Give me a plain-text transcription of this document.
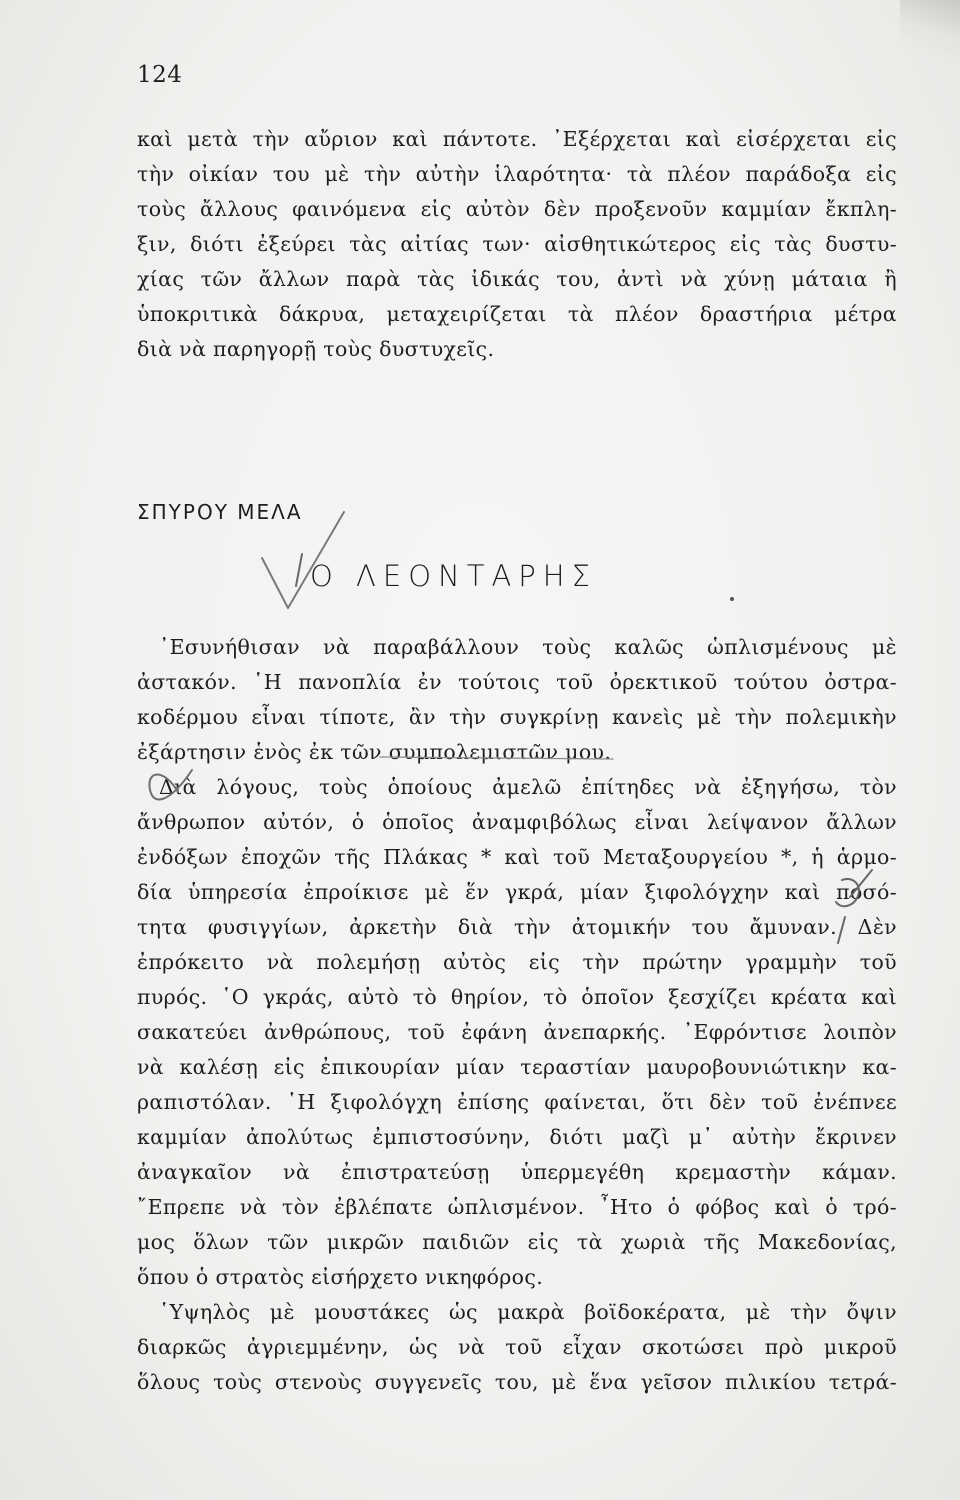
124
καὶ μετὰ τὴν αὔριον καὶ πάντοτε. ᾿Εξέρχεται καὶ εἰσέρχεται εἰς
τὴν οἰκίαν του μὲ τὴν αὐτὴν ἱλαρότητα· τὰ πλέον παράδοξα εἰς
τοὺς ἄλλους φαινόμενα εἰς αὐτὸν δὲν προξενοῦν καμμίαν ἔκπλη-
ξιν, διότι ἐξεύρει τὰς αἰτίας των· αἰσθητικώτερος εἰς τὰς δυστυ-
χίας τῶν ἄλλων παρὰ τὰς ἰδικάς του, ἀντὶ νὰ χύνῃ μάταια ἢ
ὑποκριτικὰ δάκρυα, μεταχειρίζεται τὰ πλέον δραστήρια μέτρα
διὰ νὰ παρηγορῇ τοὺς δυστυχεῖς.
ΣΠΥΡΟΥ ΜΕΛΑ
Ο ΛΕΟΝΤΑΡΗΣ
᾿Εσυνήθισαν νὰ παραβάλλουν τοὺς καλῶς ὡπλισμένους μὲ
ἀστακόν. ῾Η πανοπλία ἐν τούτοις τοῦ ὀρεκτικοῦ τούτου ὀστρα-
κοδέρμου εἶναι τίποτε, ἂν τὴν συγκρίνῃ κανεὶς μὲ τὴν πολεμικὴν
ἐξάρτησιν ἑνὸς ἐκ τῶν συμπολεμιστῶν μου.
Διὰ λόγους, τοὺς ὁποίους ἀμελῶ ἐπίτηδες νὰ ἐξηγήσω, τὸν
ἄνθρωπον αὐτόν, ὁ ὁποῖος ἀναμφιβόλως εἶναι λείψανον ἄλλων
ἐνδόξων ἐποχῶν τῆς Πλάκας * καὶ τοῦ Μεταξουργείου *, ἡ ἁρμο-
δία ὑπηρεσία ἐπροίκισε μὲ ἕν γκρά, μίαν ξιφολόγχην καὶ ποσό-
τητα φυσιγγίων, ἀρκετὴν διὰ τὴν ἀτομικήν του ἄμυναν. Δὲν
ἐπρόκειτο νὰ πολεμήσῃ αὐτὸς εἰς τὴν πρώτην γραμμὴν τοῦ
πυρός. ῾Ο γκράς, αὐτὸ τὸ θηρίον, τὸ ὁποῖον ξεσχίζει κρέατα καὶ
σακατεύει ἀνθρώπους, τοῦ ἐφάνη ἀνεπαρκής. ᾿Εφρόντισε λοιπὸν
νὰ καλέσῃ εἰς ἐπικουρίαν μίαν τεραστίαν μαυροβουνιώτικην κα-
ραπιστόλαν. ῾Η ξιφολόγχη ἐπίσης φαίνεται, ὅτι δὲν τοῦ ἐνέπνεε
καμμίαν ἀπολύτως ἐμπιστοσύνην, διότι μαζὶ μ᾿ αὐτὴν ἔκρινεν
ἀναγκαῖον νὰ ἐπιστρατεύσῃ ὑπερμεγέθη κρεμαστὴν κάμαν.
῎Επρεπε νὰ τὸν ἐβλέπατε ὡπλισμένον. ῏Ητο ὁ φόβος καὶ ὁ τρό-
μος ὅλων τῶν μικρῶν παιδιῶν εἰς τὰ χωριὰ τῆς Μακεδονίας,
ὅπου ὁ στρατὸς εἰσήρχετο νικηφόρος.
῾Υψηλὸς μὲ μουστάκες ὡς μακρὰ βοϊδοκέρατα, μὲ τὴν ὄψιν
διαρκῶς ἀγριεμμένην, ὡς νὰ τοῦ εἶχαν σκοτώσει πρὸ μικροῦ
ὅλους τοὺς στενοὺς συγγενεῖς του, μὲ ἕνα γεῖσον πιλικίου τετρά-
